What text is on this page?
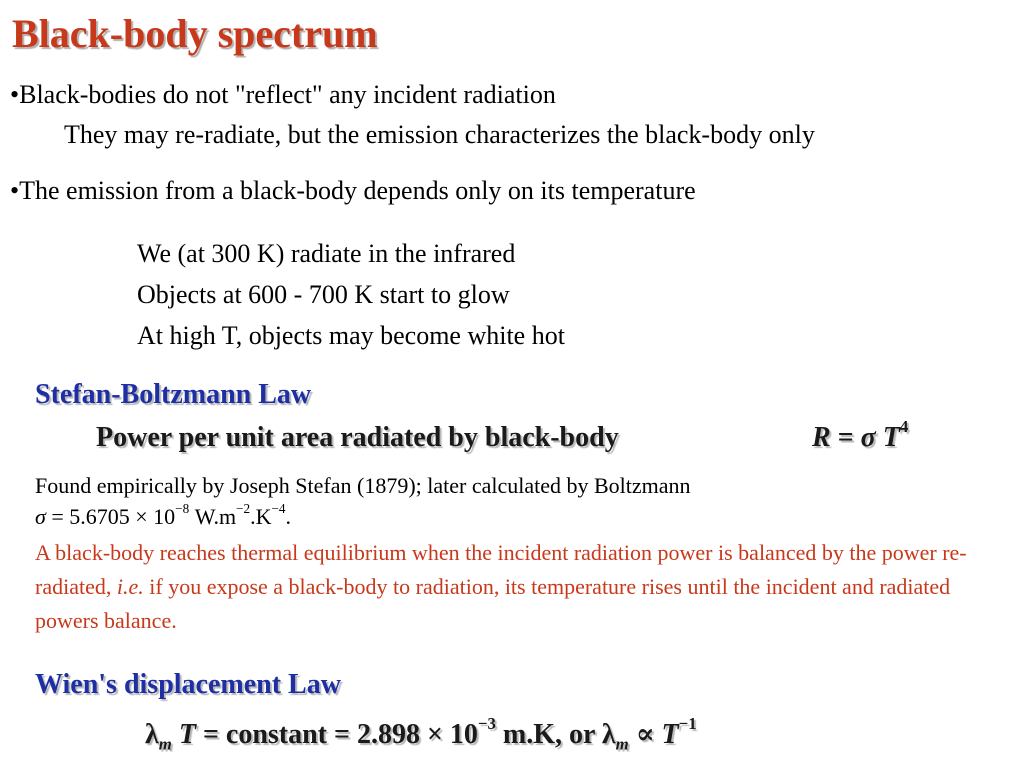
Black-body spectrum
•Black-bodies do not "reflect" any incident radiation
They may re-radiate, but the emission characterizes the black-body only
•The emission from a black-body depends only on its temperature
We (at 300 K) radiate in the infrared
Objects at 600 - 700 K start to glow
At high T, objects may become white hot
Stefan-Boltzmann Law
Power per unit area radiated by black-body	R = σ $T^4$
Found empirically by Joseph Stefan (1879); later calculated by Boltzmann
$\sigma = 5.6705 \times 10^{-8}$ $W.m^{-2}.K^{-4}$.
A black-body reaches thermal equilibrium when the incident radiation power is balanced by the power re-radiated, i.e. if you expose a black-body to radiation, its temperature rises until the incident and radiated powers balance.
Wien's displacement Law
$\lambda_m$ T = constant = $2.898 \times 10^{-3}$ m.K, or $\lambda_m \propto T^{-1}$
